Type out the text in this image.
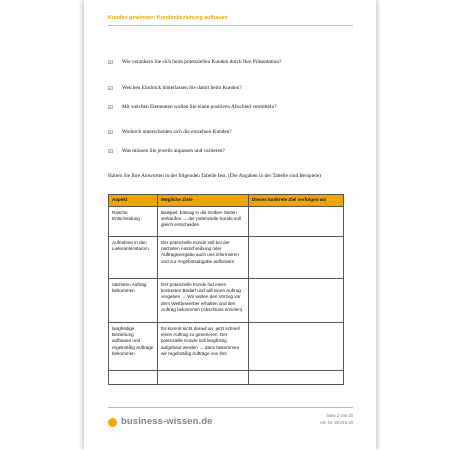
Kunden gewinnen: Kundenbeziehung aufbauen
☑ Wie verankern Sie sich beim potenziellen Kunden durch Ihre Präsentation?
☑ Welchen Eindruck hinterlassen Sie damit beim Kunden?
☑ Mit welchen Elementen wollen Sie einen positiven Abschied vermitteln?
☑ Wodurch unterscheiden sich die einzelnen Kunden?
☑ Was müssen Sie jeweils anpassen und variieren?
Halten Sie Ihre Antworten in der folgenden Tabelle fest. (Die Angaben in der Tabelle sind Beispiele)
Aspekt	Mögliche Ziele	Dieses konkrete Ziel verfolgen wir
Rasche Entscheidung	Beispiel: Eintrag in die Gelben Seiten verkaufen → der potenzielle Kunde soll gleich entscheiden	
Aufnahme in den Lieferantenstamm	Der potenzielle Kunde soll bei der nächsten Ausschreibung oder Auftragsvergabe auch uns informieren und zur Angebotsabgabe auffordern	
nächsten Auftrag bekommen	Der potenzielle Kunde hat einen konkreten Bedarf und will einen Auftrag vergeben → Wir wollen den Vorzug vor dem Wettbewerber erhalten und den Auftrag bekommen (Abschluss erzielen)	
langfristige Beziehung aufbauen und regelmäßig Aufträge bekommen	Es kommt nicht darauf an, jetzt schnell einen Auftrag zu generieren. Der potenzielle Kunde soll langfristig aufgebaut werden → dann bekommen wir regelmäßig Aufträge von ihm	

business-wissen.de
Seite 2 von 10
Art.-Nr. 99.016.00
